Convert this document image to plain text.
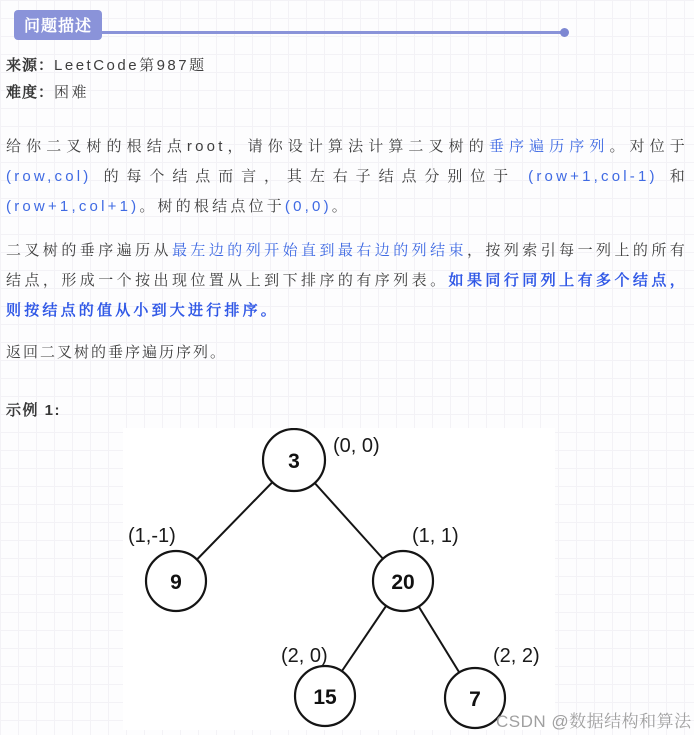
问题描述
来源：LeetCode第987题
难度：困难

给你二叉树的根结点root，请你设计算法计算二叉树的垂序遍历序列。对位于(row,col) 的每个结点而言，其左右子结点分别位于 (row+1,col-1) 和(row+1,col+1)。树的根结点位于(0,0)。

二叉树的垂序遍历从最左边的列开始直到最右边的列结束，按列索引每一列上的所有结点，形成一个按出现位置从上到下排序的有序列表。如果同行同列上有多个结点，则按结点的值从小到大进行排序。

返回二叉树的垂序遍历序列。

示例 1:

3
9	20
15	7
(0, 0)
(1,-1)	(1, 1)
(2, 0)	(2, 2)
CSDN @数据结构和算法
